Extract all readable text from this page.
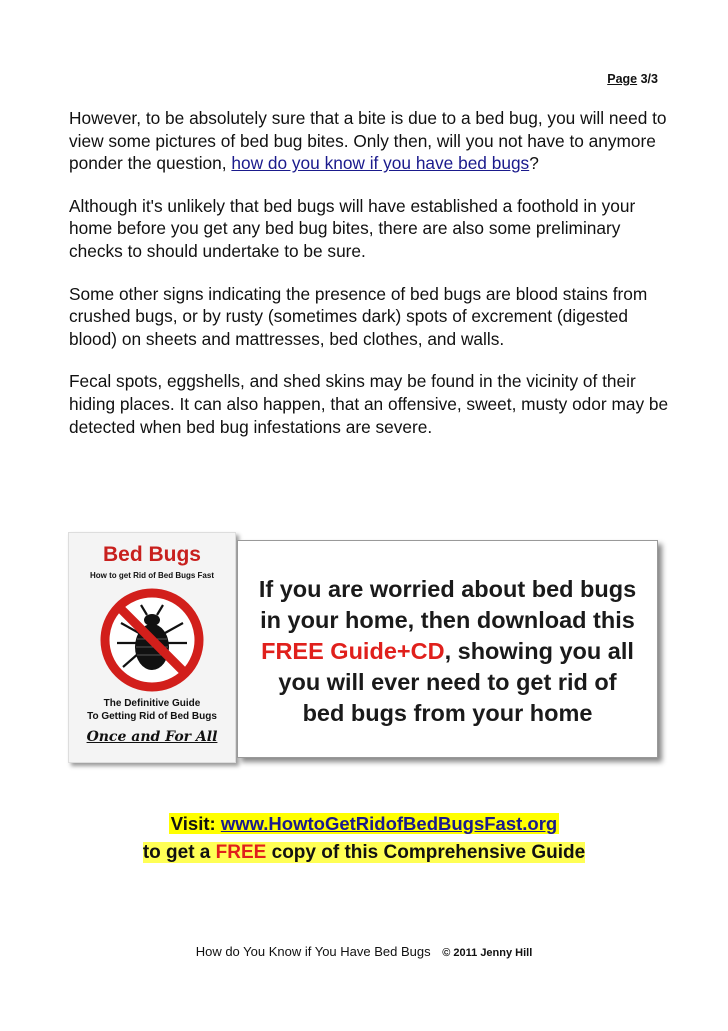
Page 3/3

However, to be absolutely sure that a bite is due to a bed bug, you will need to view some pictures of bed bug bites. Only then, will you not have to anymore ponder the question, how do you know if you have bed bugs?

Although it's unlikely that bed bugs will have established a foothold in your home before you get any bed bug bites, there are also some preliminary checks to should undertake to be sure.

Some other signs indicating the presence of bed bugs are blood stains from crushed bugs, or by rusty (sometimes dark) spots of excrement (digested blood) on sheets and mattresses, bed clothes, and walls.

Fecal spots, eggshells, and shed skins may be found in the vicinity of their hiding places. It can also happen, that an offensive, sweet, musty odor may be detected when bed bug infestations are severe.

Bed Bugs
How to get Rid of Bed Bugs Fast
The Definitive Guide
To Getting Rid of Bed Bugs
Once and For All
If you are worried about bed bugs
in your home, then download this
FREE Guide+CD, showing you all
you will ever need to get rid of
bed bugs from your home
Visit: www.HowtoGetRidofBedBugsFast.org
to get a FREE copy of this Comprehensive Guide
How do You Know if You Have Bed Bugs © 2011 Jenny Hill
